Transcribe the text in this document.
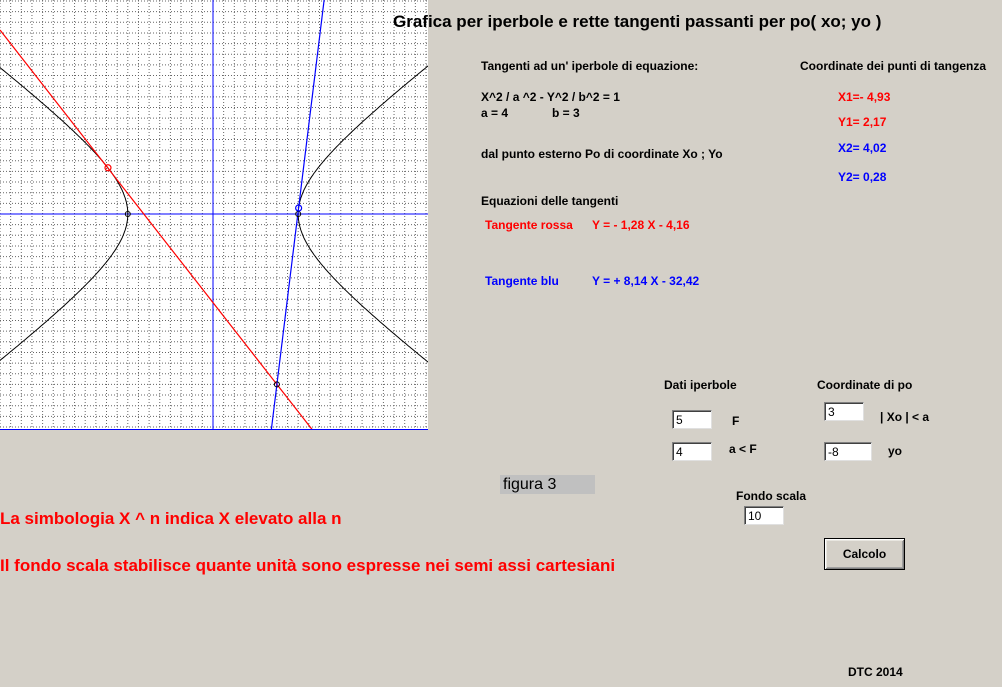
Grafica per iperbole e rette tangenti passanti per po( xo; yo )
Tangenti ad un' iperbole di equazione:	Coordinate dei punti di tangenza
X^2 / a ^2 - Y^2 / b^2 = 1
a = 4	b = 3
dal punto esterno Po di coordinate Xo ; Yo
Equazioni delle tangenti
Tangente rossa Y = - 1,28 X - 4,16
Tangente blu	Y = + 8,14 X - 32,42
X1=- 4,93
Y1= 2,17
X2= 4,02
Y2= 0,28
Dati iperbole	Coordinate di po
5
F
4
a < F
3
| Xo | < a
-8
yo
Fondo scala
10
Calcolo
figura 3
La simbologia X ^ n indica X elevato alla n
Il fondo scala stabilisce quante unità sono espresse nei semi assi cartesiani
DTC 2014
